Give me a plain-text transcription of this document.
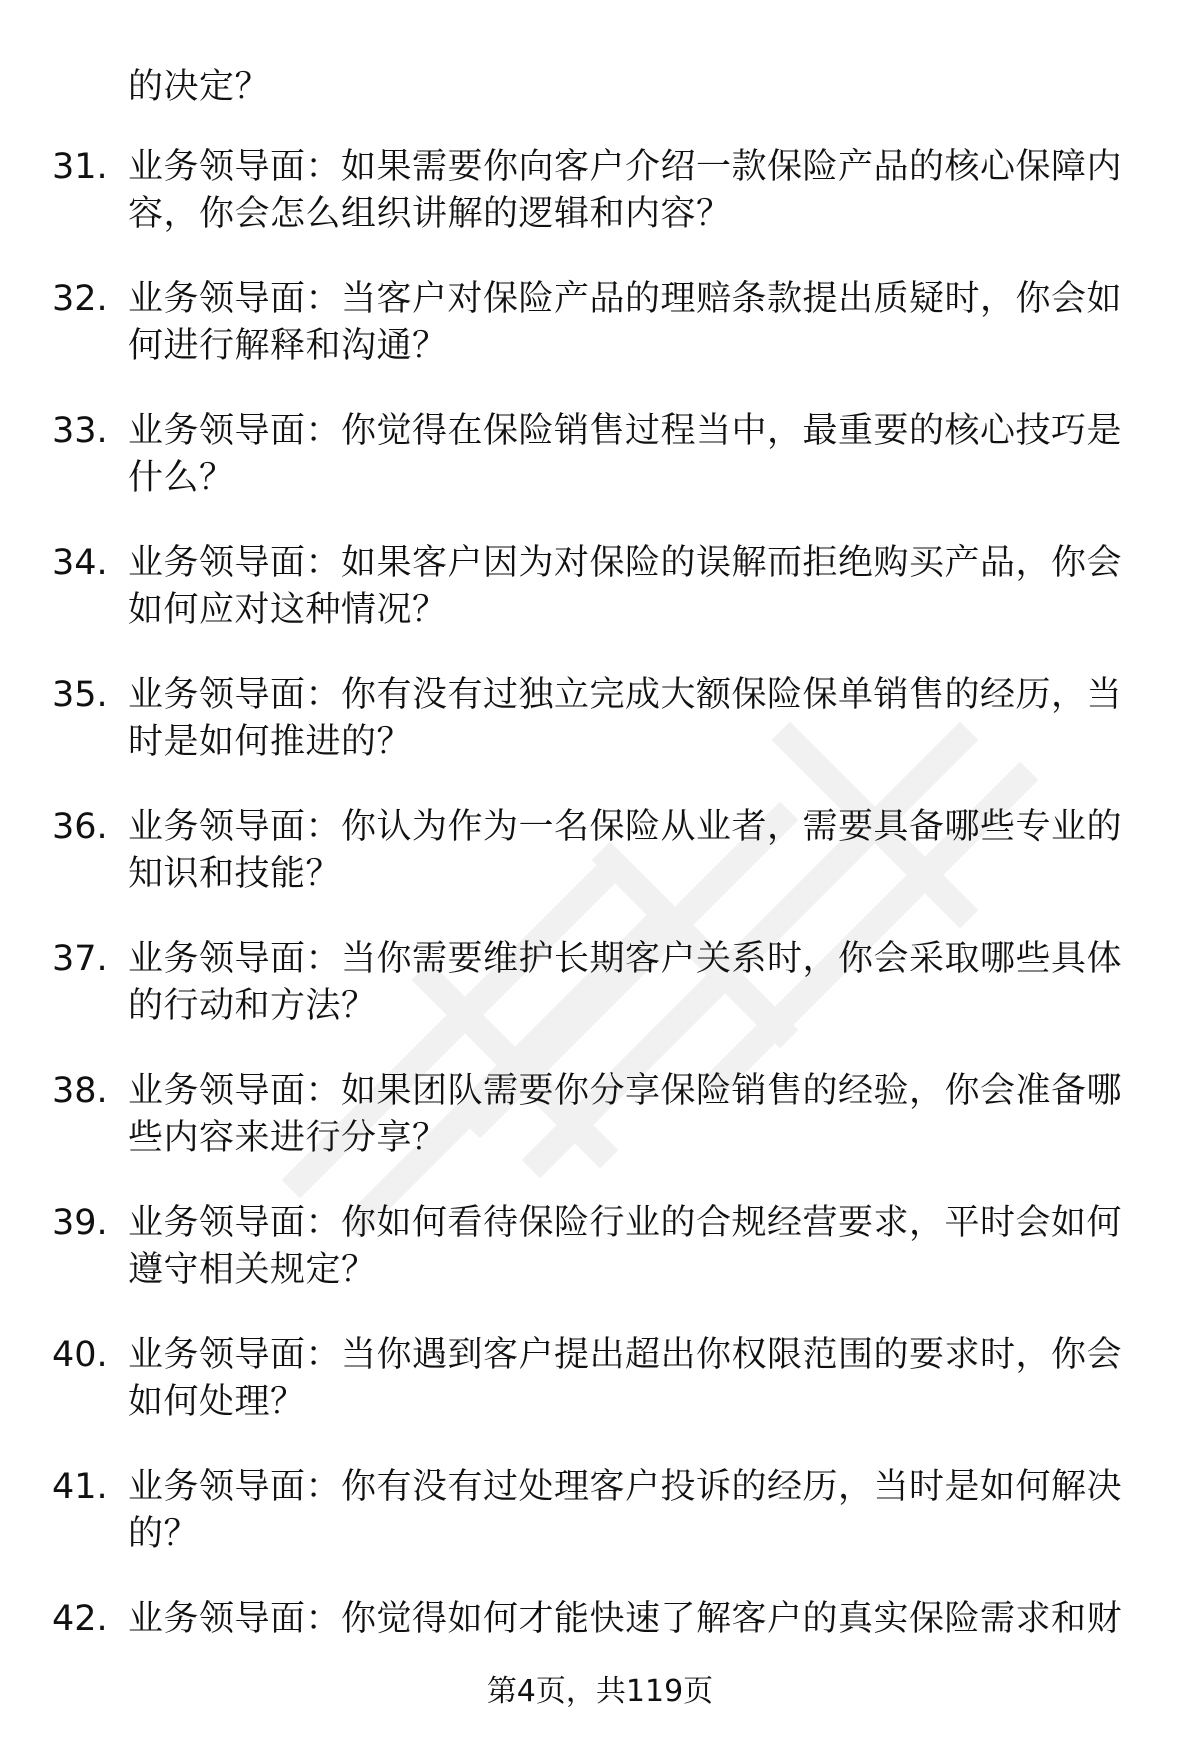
的决定？
31. 业务领导面：如果需要你向客户介绍一款保险产品的核心保障内
容，你会怎么组织讲解的逻辑和内容？
32. 业务领导面：当客户对保险产品的理赔条款提出质疑时，你会如
何进行解释和沟通？
33. 业务领导面：你觉得在保险销售过程当中，最重要的核心技巧是
什么？
34. 业务领导面：如果客户因为对保险的误解而拒绝购买产品，你会
如何应对这种情况？
35. 业务领导面：你有没有过独立完成大额保险保单销售的经历，当
时是如何推进的？
36. 业务领导面：你认为作为一名保险从业者，需要具备哪些专业的
知识和技能？
37. 业务领导面：当你需要维护长期客户关系时，你会采取哪些具体
的行动和方法？
38. 业务领导面：如果团队需要你分享保险销售的经验，你会准备哪
些内容来进行分享？
39. 业务领导面：你如何看待保险行业的合规经营要求，平时会如何
遵守相关规定？
40. 业务领导面：当你遇到客户提出超出你权限范围的要求时，你会
如何处理？
41. 业务领导面：你有没有过处理客户投诉的经历，当时是如何解决
的？
42. 业务领导面：你觉得如何才能快速了解客户的真实保险需求和财
第4页，共119页
